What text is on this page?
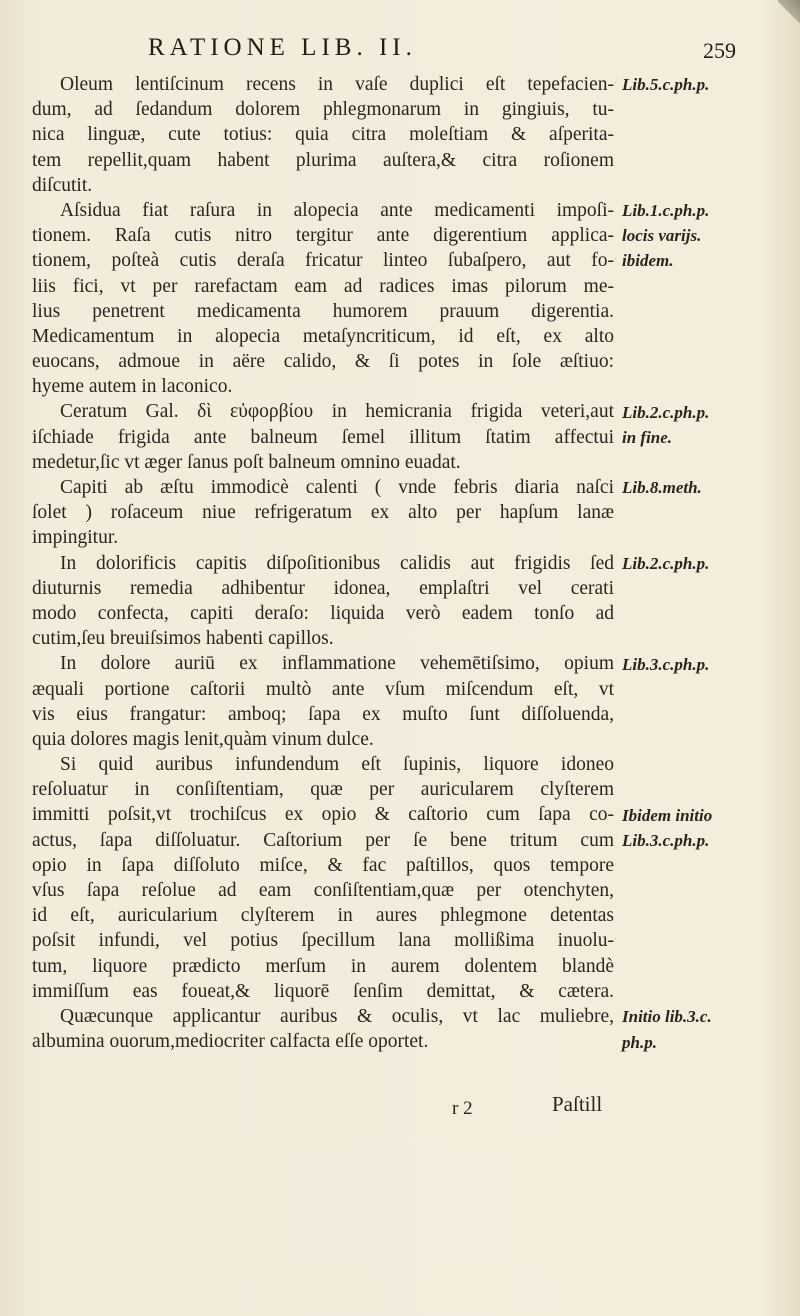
RATIONE LIB. II.	259
Oleum lentiſcinum recens in vaſe duplici eſt tepefacien-
dum, ad ſedandum dolorem phlegmonarum in gingiuis, tu-
nica linguæ, cute totius: quia citra moleſtiam & aſperita-
tem repellit,quam habent plurima auſtera,& citra roſionem
diſcutit.
Aſsidua fiat raſura in alopecia ante medicamenti impoſi-
tionem. Raſa cutis nitro tergitur ante digerentium applica-
tionem, poſteà cutis deraſa fricatur linteo ſubaſpero, aut fo-
liis fici, vt per rarefactam eam ad radices imas pilorum me-
lius penetrent medicamenta humorem prauum digerentia.
Medicamentum in alopecia metaſyncriticum, id eſt, ex alto
euocans, admoue in aëre calido, & ſi potes in ſole æſtiuo:
hyeme autem in laconico.
Ceratum Gal. δὶ εὐφορβίου in hemicrania frigida veteri,aut
iſchiade frigida ante balneum ſemel illitum ſtatim affectui
medetur,ſic vt æger ſanus poſt balneum omnino euadat.
Capiti ab æſtu immodicè calenti ( vnde febris diaria naſci
ſolet ) roſaceum niue refrigeratum ex alto per hapſum lanæ
impingitur.
In dolorificis capitis diſpoſitionibus calidis aut frigidis ſed
diuturnis remedia adhibentur idonea, emplaſtri vel cerati
modo confecta, capiti deraſo: liquida verò eadem tonſo ad
cutim,ſeu breuiſsimos habenti capillos.
In dolore auriū ex inflammatione vehemētiſsimo, opium
æquali portione caſtorii multò ante vſum miſcendum eſt, vt
vis eius frangatur: amboq; ſapa ex muſto ſunt diſſoluenda,
quia dolores magis lenit,quàm vinum dulce.
Si quid auribus infundendum eſt ſupinis, liquore idoneo
reſoluatur in conſiſtentiam, quæ per auricularem clyſterem
immitti poſsit,vt trochiſcus ex opio & caſtorio cum ſapa co-
actus, ſapa diſſoluatur. Caſtorium per ſe bene tritum cum
opio in ſapa diſſoluto miſce, & fac paſtillos, quos tempore
vſus ſapa reſolue ad eam conſiſtentiam,quæ per otenchyten,
id eſt, auricularium clyſterem in aures phlegmone detentas
poſsit infundi, vel potius ſpecillum lana mollißima inuolu-
tum, liquore prædicto merſum in aurem dolentem blandè
immiſſum eas foueat,& liquorē ſenſim demittat, & cætera.
Quæcunque applicantur auribus & oculis, vt lac muliebre,
albumina ouorum,mediocriter calfacta eſſe oportet.
Lib.5.c.ph.p.
Lib.1.c.ph.p.
locis varijs.
ibidem.
Lib.2.c.ph.p.
in fine.
Lib.8.meth.
Lib.2.c.ph.p.
Lib.3.c.ph.p.
Ibidem initio
Lib.3.c.ph.p.
Initio lib.3.c.
ph.p.
r 2	Paſtill
